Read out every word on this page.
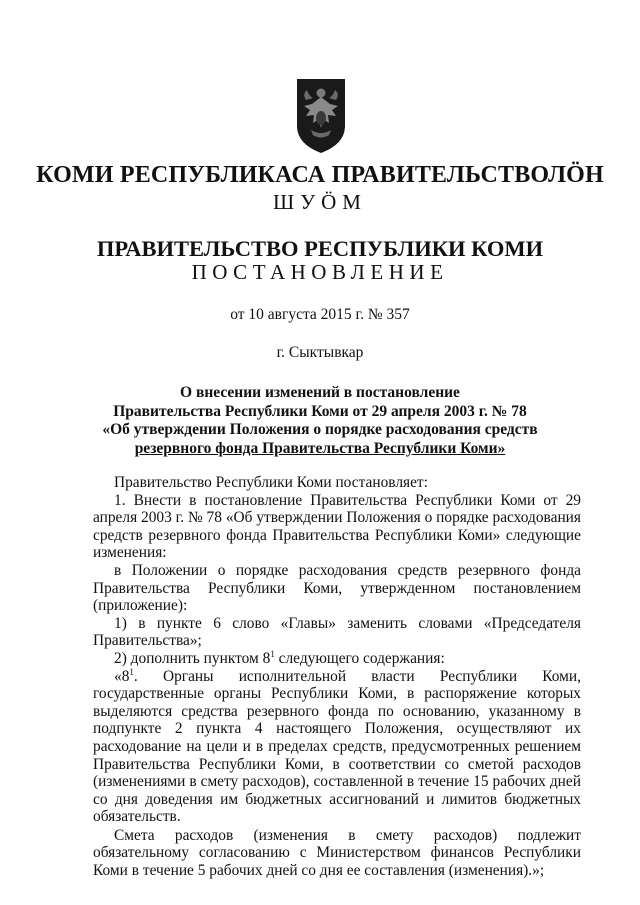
КОМИ РЕСПУБЛИКАСА ПРАВИТЕЛЬСТВОЛӦН
ШУӦМ
ПРАВИТЕЛЬСТВО РЕСПУБЛИКИ КОМИ
ПОСТАНОВЛЕНИЕ
от 10 августа 2015 г. № 357
г. Сыктывкар
О внесении изменений в постановление
Правительства Республики Коми от 29 апреля 2003 г. № 78
«Об утверждении Положения о порядке расходования средств
резервного фонда Правительства Республики Коми»

Правительство Республики Коми постановляет:

1. Внести в постановление Правительства Республики Коми от 29 апреля 2003 г. № 78 «Об утверждении Положения о порядке расходования средств резервного фонда Правительства Республики Коми» следующие изменения:

в Положении о порядке расходования средств резервного фонда Правительства Республики Коми, утвержденном постановлением (приложение):

1) в пункте 6 слово «Главы» заменить словами «Председателя Правительства»;

2) дополнить пунктом $8^1$ следующего содержания:

«$8^1$. Органы исполнительной власти Республики Коми, государственные органы Республики Коми, в распоряжение которых выделяются средства резервного фонда по основанию, указанному в подпункте 2 пункта 4 настоящего Положения, осуществляют их расходование на цели и в пределах средств, предусмотренных решением Правительства Республики Коми, в соответствии со сметой расходов (изменениями в смету расходов), составленной в течение 15 рабочих дней со дня доведения им бюджетных ассигнований и лимитов бюджетных обязательств.

Смета расходов (изменения в смету расходов) подлежит обязательному согласованию с Министерством финансов Республики Коми в течение 5 рабочих дней со дня ее составления (изменения).»;
